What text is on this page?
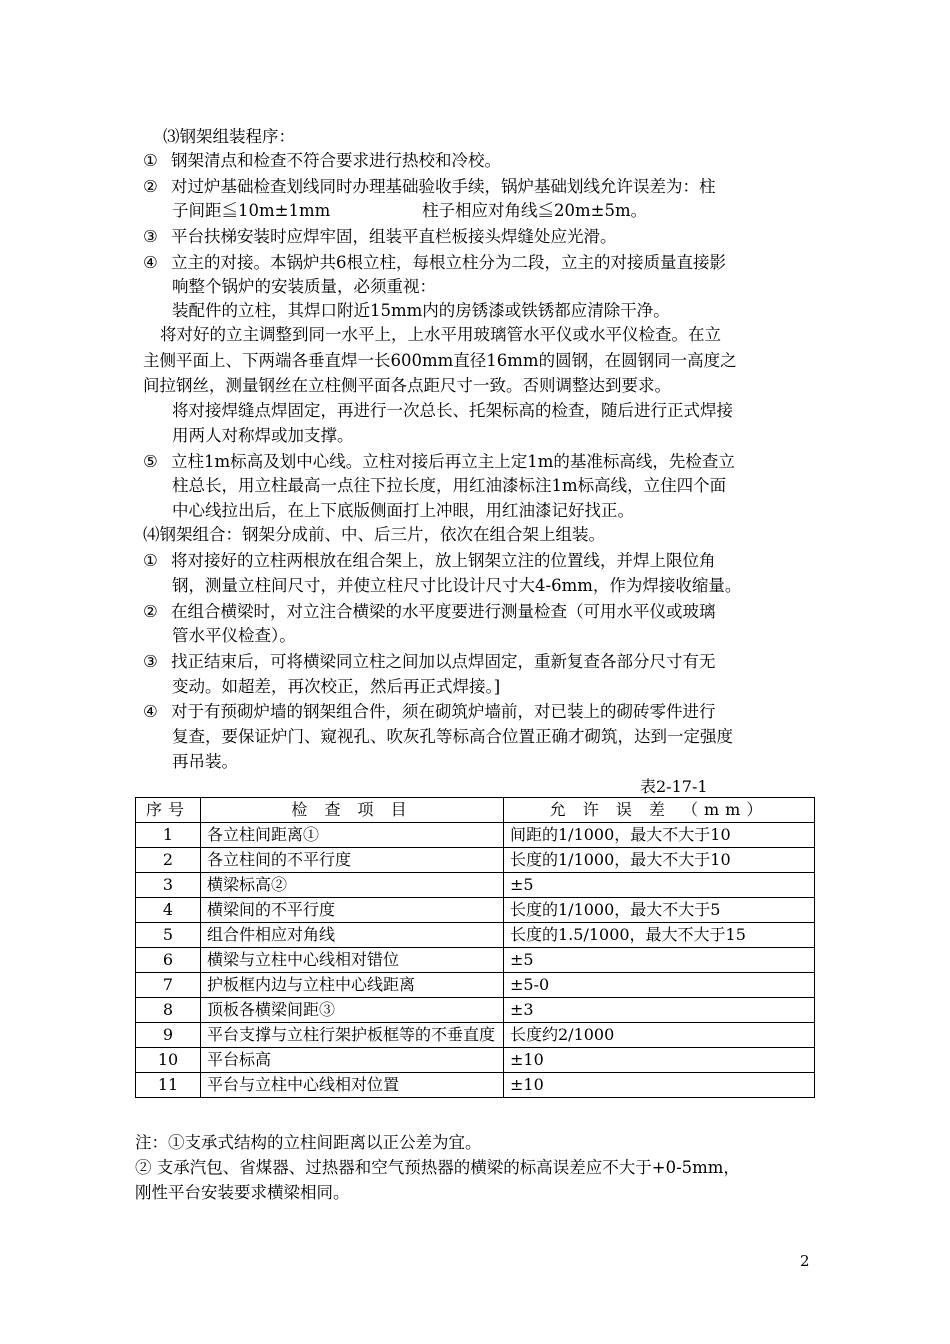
⑶钢架组装程序：
① 钢架清点和检查不符合要求进行热校和冷校。
② 对过炉基础检查划线同时办理基础验收手续，锅炉基础划线允许误差为：柱
子间距≦10m±1mm	柱子相应对角线≦20m±5m。
③ 平台扶梯安装时应焊牢固，组装平直栏板接头焊缝处应光滑。
④ 立主的对接。本锅炉共6根立柱，每根立柱分为二段，立主的对接质量直接影
响整个锅炉的安装质量，必须重视：
装配件的立柱，其焊口附近15mm内的房锈漆或铁锈都应清除干净。
将对好的立主调整到同一水平上，上水平用玻璃管水平仪或水平仪检查。在立
主侧平面上、下两端各垂直焊一长600mm直径16mm的圆钢，在圆钢同一高度之
间拉钢丝，测量钢丝在立柱侧平面各点距尺寸一致。否则调整达到要求。
将对接焊缝点焊固定，再进行一次总长、托架标高的检查，随后进行正式焊接
用两人对称焊或加支撑。
⑤ 立柱1m标高及划中心线。立柱对接后再立主上定1m的基准标高线，先检查立
柱总长，用立柱最高一点往下拉长度，用红油漆标注1m标高线，立住四个面
中心线拉出后，在上下底版侧面打上冲眼，用红油漆记好找正。
⑷钢架组合：钢架分成前、中、后三片，依次在组合架上组装。
① 将对接好的立柱两根放在组合架上，放上钢架立注的位置线，并焊上限位角
钢，测量立柱间尺寸，并使立柱尺寸比设计尺寸大4-6mm，作为焊接收缩量。
② 在组合横梁时，对立注合横梁的水平度要进行测量检查（可用水平仪或玻璃
管水平仪检查）。
③ 找正结束后，可将横梁同立柱之间加以点焊固定，重新复查各部分尺寸有无
变动。如超差，再次校正，然后再正式焊接。]
④ 对于有预砌炉墙的钢架组合件，须在砌筑炉墙前，对已装上的砌砖零件进行
复查，要保证炉门、窥视孔、吹灰孔等标高合位置正确才砌筑，达到一定强度
再吊装。
表2-17-1
序号	检 查 项 目	允 许 误 差 （mm）
1	各立柱间距离①	间距的1/1000，最大不大于10
2	各立柱间的不平行度	长度的1/1000，最大不大于10
3	横梁标高②	±5
4	横梁间的不平行度	长度的1/1000，最大不大于5
5	组合件相应对角线	长度的1.5/1000，最大不大于15
6	横梁与立柱中心线相对错位	±5
7	护板框内边与立柱中心线距离	±5-0
8	顶板各横梁间距③	±3
9	平台支撑与立柱行架护板框等的不垂直度	长度约2/1000
10	平台标高	±10
11	平台与立柱中心线相对位置	±10
注：①支承式结构的立柱间距离以正公差为宜。
② 支承汽包、省煤器、过热器和空气预热器的横梁的标高误差应不大于+0-5mm，
刚性平台安装要求横梁相同。
2
